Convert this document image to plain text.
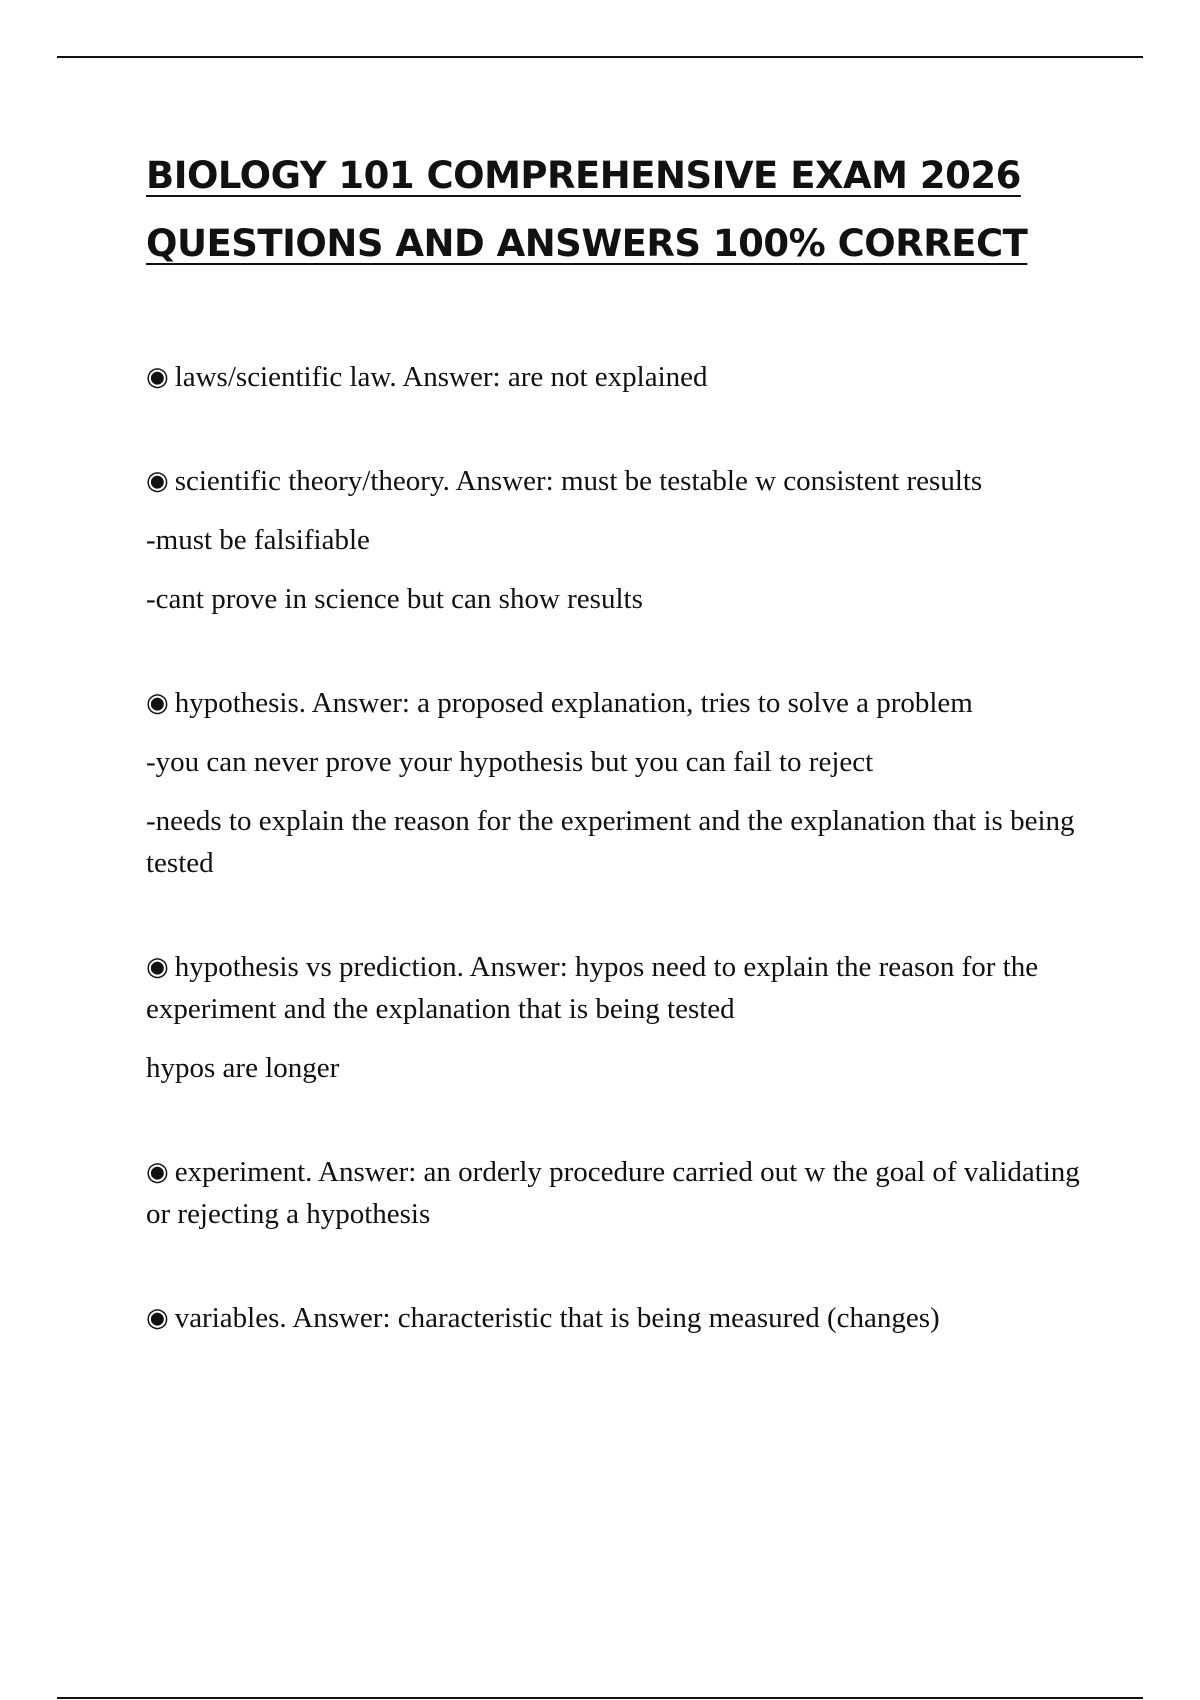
BIOLOGY 101 COMPREHENSIVE EXAM 2026
QUESTIONS AND ANSWERS 100% CORRECT

◉ laws/scientific law. Answer: are not explained

◉ scientific theory/theory. Answer: must be testable w consistent results

-must be falsifiable

-cant prove in science but can show results

◉ hypothesis. Answer: a proposed explanation, tries to solve a problem

-you can never prove your hypothesis but you can fail to reject

-needs to explain the reason for the experiment and the explanation that is being tested

◉ hypothesis vs prediction. Answer: hypos need to explain the reason for the experiment and the explanation that is being tested

hypos are longer

◉ experiment. Answer: an orderly procedure carried out w the goal of validating or rejecting a hypothesis

◉ variables. Answer: characteristic that is being measured (changes)
